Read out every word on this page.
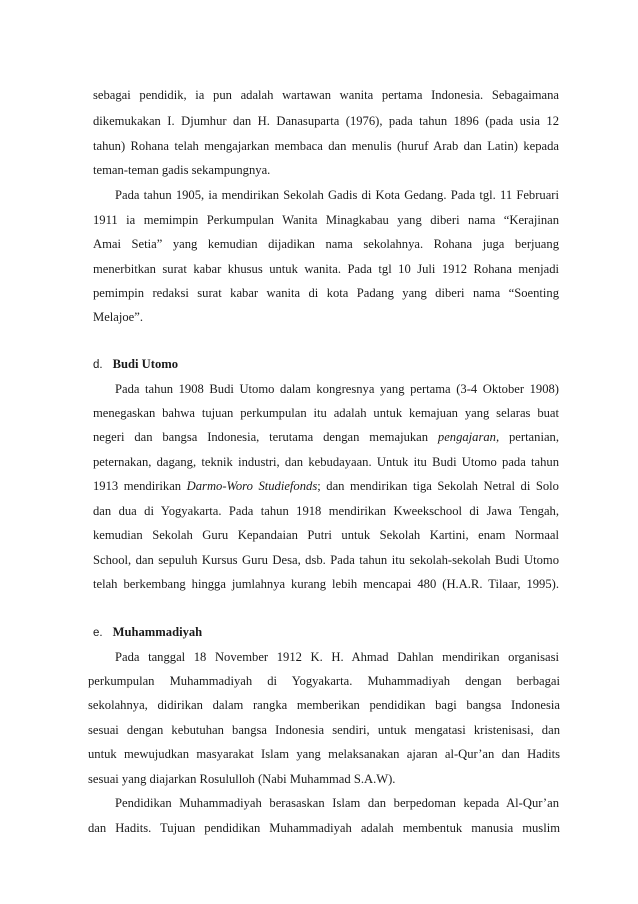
sebagai pendidik, ia pun adalah wartawan wanita pertama Indonesia. Sebagaimana
dikemukakan I. Djumhur dan H. Danasuparta (1976), pada tahun 1896 (pada usia 12
tahun) Rohana telah mengajarkan membaca dan menulis (huruf Arab dan Latin) kepada
teman-teman gadis sekampungnya.
Pada tahun 1905, ia mendirikan Sekolah Gadis di Kota Gedang. Pada tgl. 11 Februari
1911 ia memimpin Perkumpulan Wanita Minagkabau yang diberi nama “Kerajinan
Amai Setia” yang kemudian dijadikan nama sekolahnya. Rohana juga berjuang
menerbitkan surat kabar khusus untuk wanita. Pada tgl 10 Juli 1912 Rohana menjadi
pemimpin redaksi surat kabar wanita di kota Padang yang diberi nama “Soenting
Melajoe”.
d. Budi Utomo
Pada tahun 1908 Budi Utomo dalam kongresnya yang pertama (3-4 Oktober 1908)
menegaskan bahwa tujuan perkumpulan itu adalah untuk kemajuan yang selaras buat
negeri dan bangsa Indonesia, terutama dengan memajukan pengajaran, pertanian,
peternakan, dagang, teknik industri, dan kebudayaan. Untuk itu Budi Utomo pada tahun
1913 mendirikan Darmo-Woro Studiefonds; dan mendirikan tiga Sekolah Netral di Solo
dan dua di Yogyakarta. Pada tahun 1918 mendirikan Kweekschool di Jawa Tengah,
kemudian Sekolah Guru Kepandaian Putri untuk Sekolah Kartini, enam Normaal
School, dan sepuluh Kursus Guru Desa, dsb. Pada tahun itu sekolah-sekolah Budi Utomo
telah berkembang hingga jumlahnya kurang lebih mencapai 480 (H.A.R. Tilaar, 1995).
e. Muhammadiyah
Pada tanggal 18 November 1912 K. H. Ahmad Dahlan mendirikan organisasi
perkumpulan Muhammadiyah di Yogyakarta. Muhammadiyah dengan berbagai
sekolahnya, didirikan dalam rangka memberikan pendidikan bagi bangsa Indonesia
sesuai dengan kebutuhan bangsa Indonesia sendiri, untuk mengatasi kristenisasi, dan
untuk mewujudkan masyarakat Islam yang melaksanakan ajaran al-Qur’an dan Hadits
sesuai yang diajarkan Rosululloh (Nabi Muhammad S.A.W).
Pendidikan Muhammadiyah berasaskan Islam dan berpedoman kepada Al-Qur’an
dan Hadits. Tujuan pendidikan Muhammadiyah adalah membentuk manusia muslim
